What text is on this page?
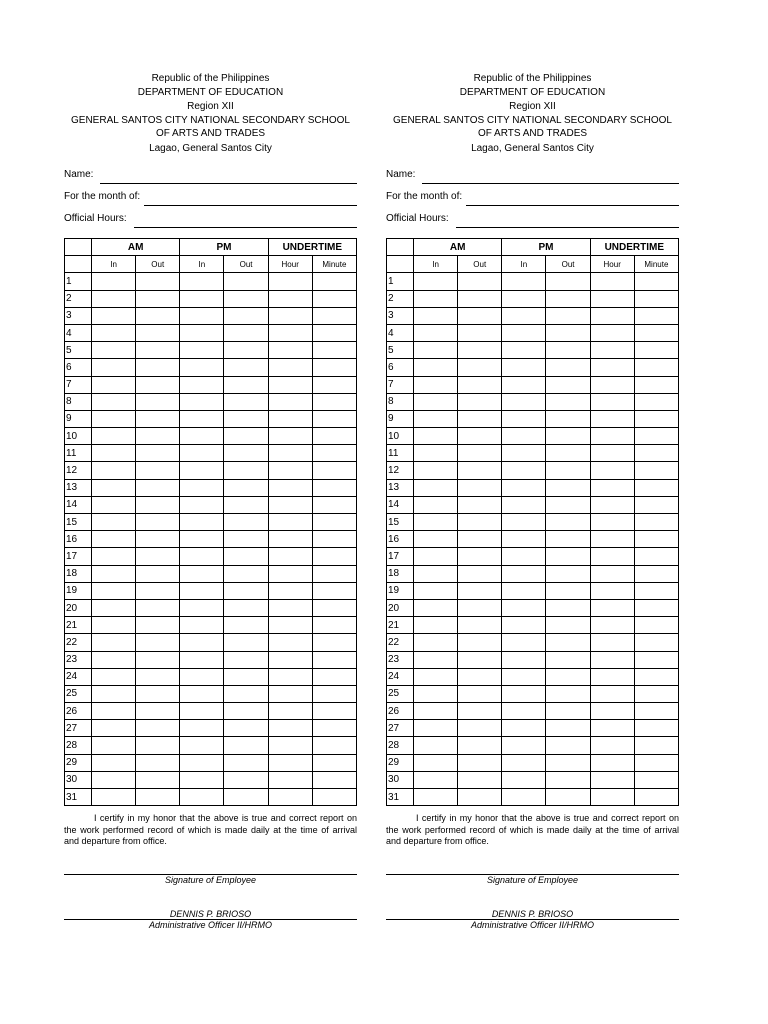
Republic of the Philippines
DEPARTMENT OF EDUCATION
Region XII
GENERAL SANTOS CITY NATIONAL SECONDARY SCHOOL
OF ARTS AND TRADES
Lagao, General Santos City
Name:
For the month of:
Official Hours:
	AM		PM		UNDERTIME	
	In	Out	In	Out	Hour	Minute
1						
2						
3						
4						
5						
6						
7						
8						
9						
10						
11						
12						
13						
14						
15						
16						
17						
18						
19						
20						
21						
22						
23						
24						
25						
26						
27						
28						
29						
30						
31						
I certify in my honor that the above is true and correct report on the work performed record of which is made daily at the time of arrival and departure from office.
Signature of Employee
DENNIS P. BRIOSO
Administrative Officer II/HRMO
Republic of the Philippines
DEPARTMENT OF EDUCATION
Region XII
GENERAL SANTOS CITY NATIONAL SECONDARY SCHOOL
OF ARTS AND TRADES
Lagao, General Santos City
Name:
For the month of:
Official Hours:
	AM		PM		UNDERTIME	
	In	Out	In	Out	Hour	Minute
1						
2						
3						
4						
5						
6						
7						
8						
9						
10						
11						
12						
13						
14						
15						
16						
17						
18						
19						
20						
21						
22						
23						
24						
25						
26						
27						
28						
29						
30						
31						
I certify in my honor that the above is true and correct report on the work performed record of which is made daily at the time of arrival and departure from office.
Signature of Employee
DENNIS P. BRIOSO
Administrative Officer II/HRMO
